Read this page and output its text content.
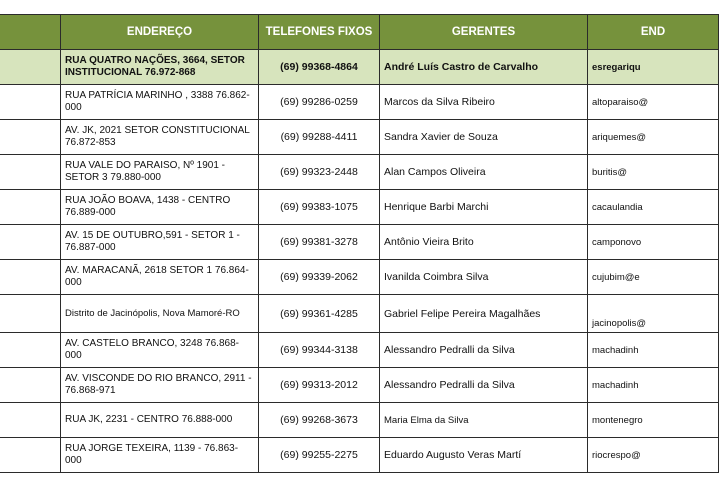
	ENDEREÇO	TELEFONES FIXOS	GERENTES	END
	RUA QUATRO NAÇÕES, 3664, SETOR INSTITUCIONAL 76.972-868	(69) 99368-4864	André Luís Castro de Carvalho	esregariqu
	RUA PATRÍCIA MARINHO , 3388 76.862-000	(69) 99286-0259	Marcos da Silva Ribeiro	altoparaiso@
	AV. JK, 2021 SETOR CONSTITUCIONAL 76.872-853	(69) 99288-4411	Sandra Xavier de Souza	ariquemes@
	RUA VALE DO PARAISO, Nº 1901 - SETOR 3 79.880-000	(69) 99323-2448	Alan Campos Oliveira	buritis@
	RUA JOÃO BOAVA, 1438 - CENTRO 76.889-000	(69) 99383-1075	Henrique Barbi Marchi	cacaulandia
	AV. 15 DE OUTUBRO,591 - SETOR 1 - 76.887-000	(69) 99381-3278	Antônio Vieira Brito	camponovo
	AV. MARACANÃ, 2618 SETOR 1 76.864-000	(69) 99339-2062	Ivanilda Coimbra Silva	cujubim@e
	Distrito de Jacinópolis, Nova Mamoré-RO	(69) 99361-4285	Gabriel Felipe Pereira Magalhães	jacinopolis@
	AV. CASTELO BRANCO, 3248 76.868-000	(69) 99344-3138	Alessandro Pedralli da Silva	machadinh
	AV. VISCONDE DO RIO BRANCO, 2911 - 76.868-971	(69) 99313-2012	Alessandro Pedralli da Silva	machadinh
	RUA JK, 2231 - CENTRO 76.888-000	(69) 99268-3673	Maria Elma da Silva	montenegro
	RUA JORGE TEXEIRA, 1139 - 76.863-000	(69) 99255-2275	Eduardo Augusto Veras Martí	riocrespo@
